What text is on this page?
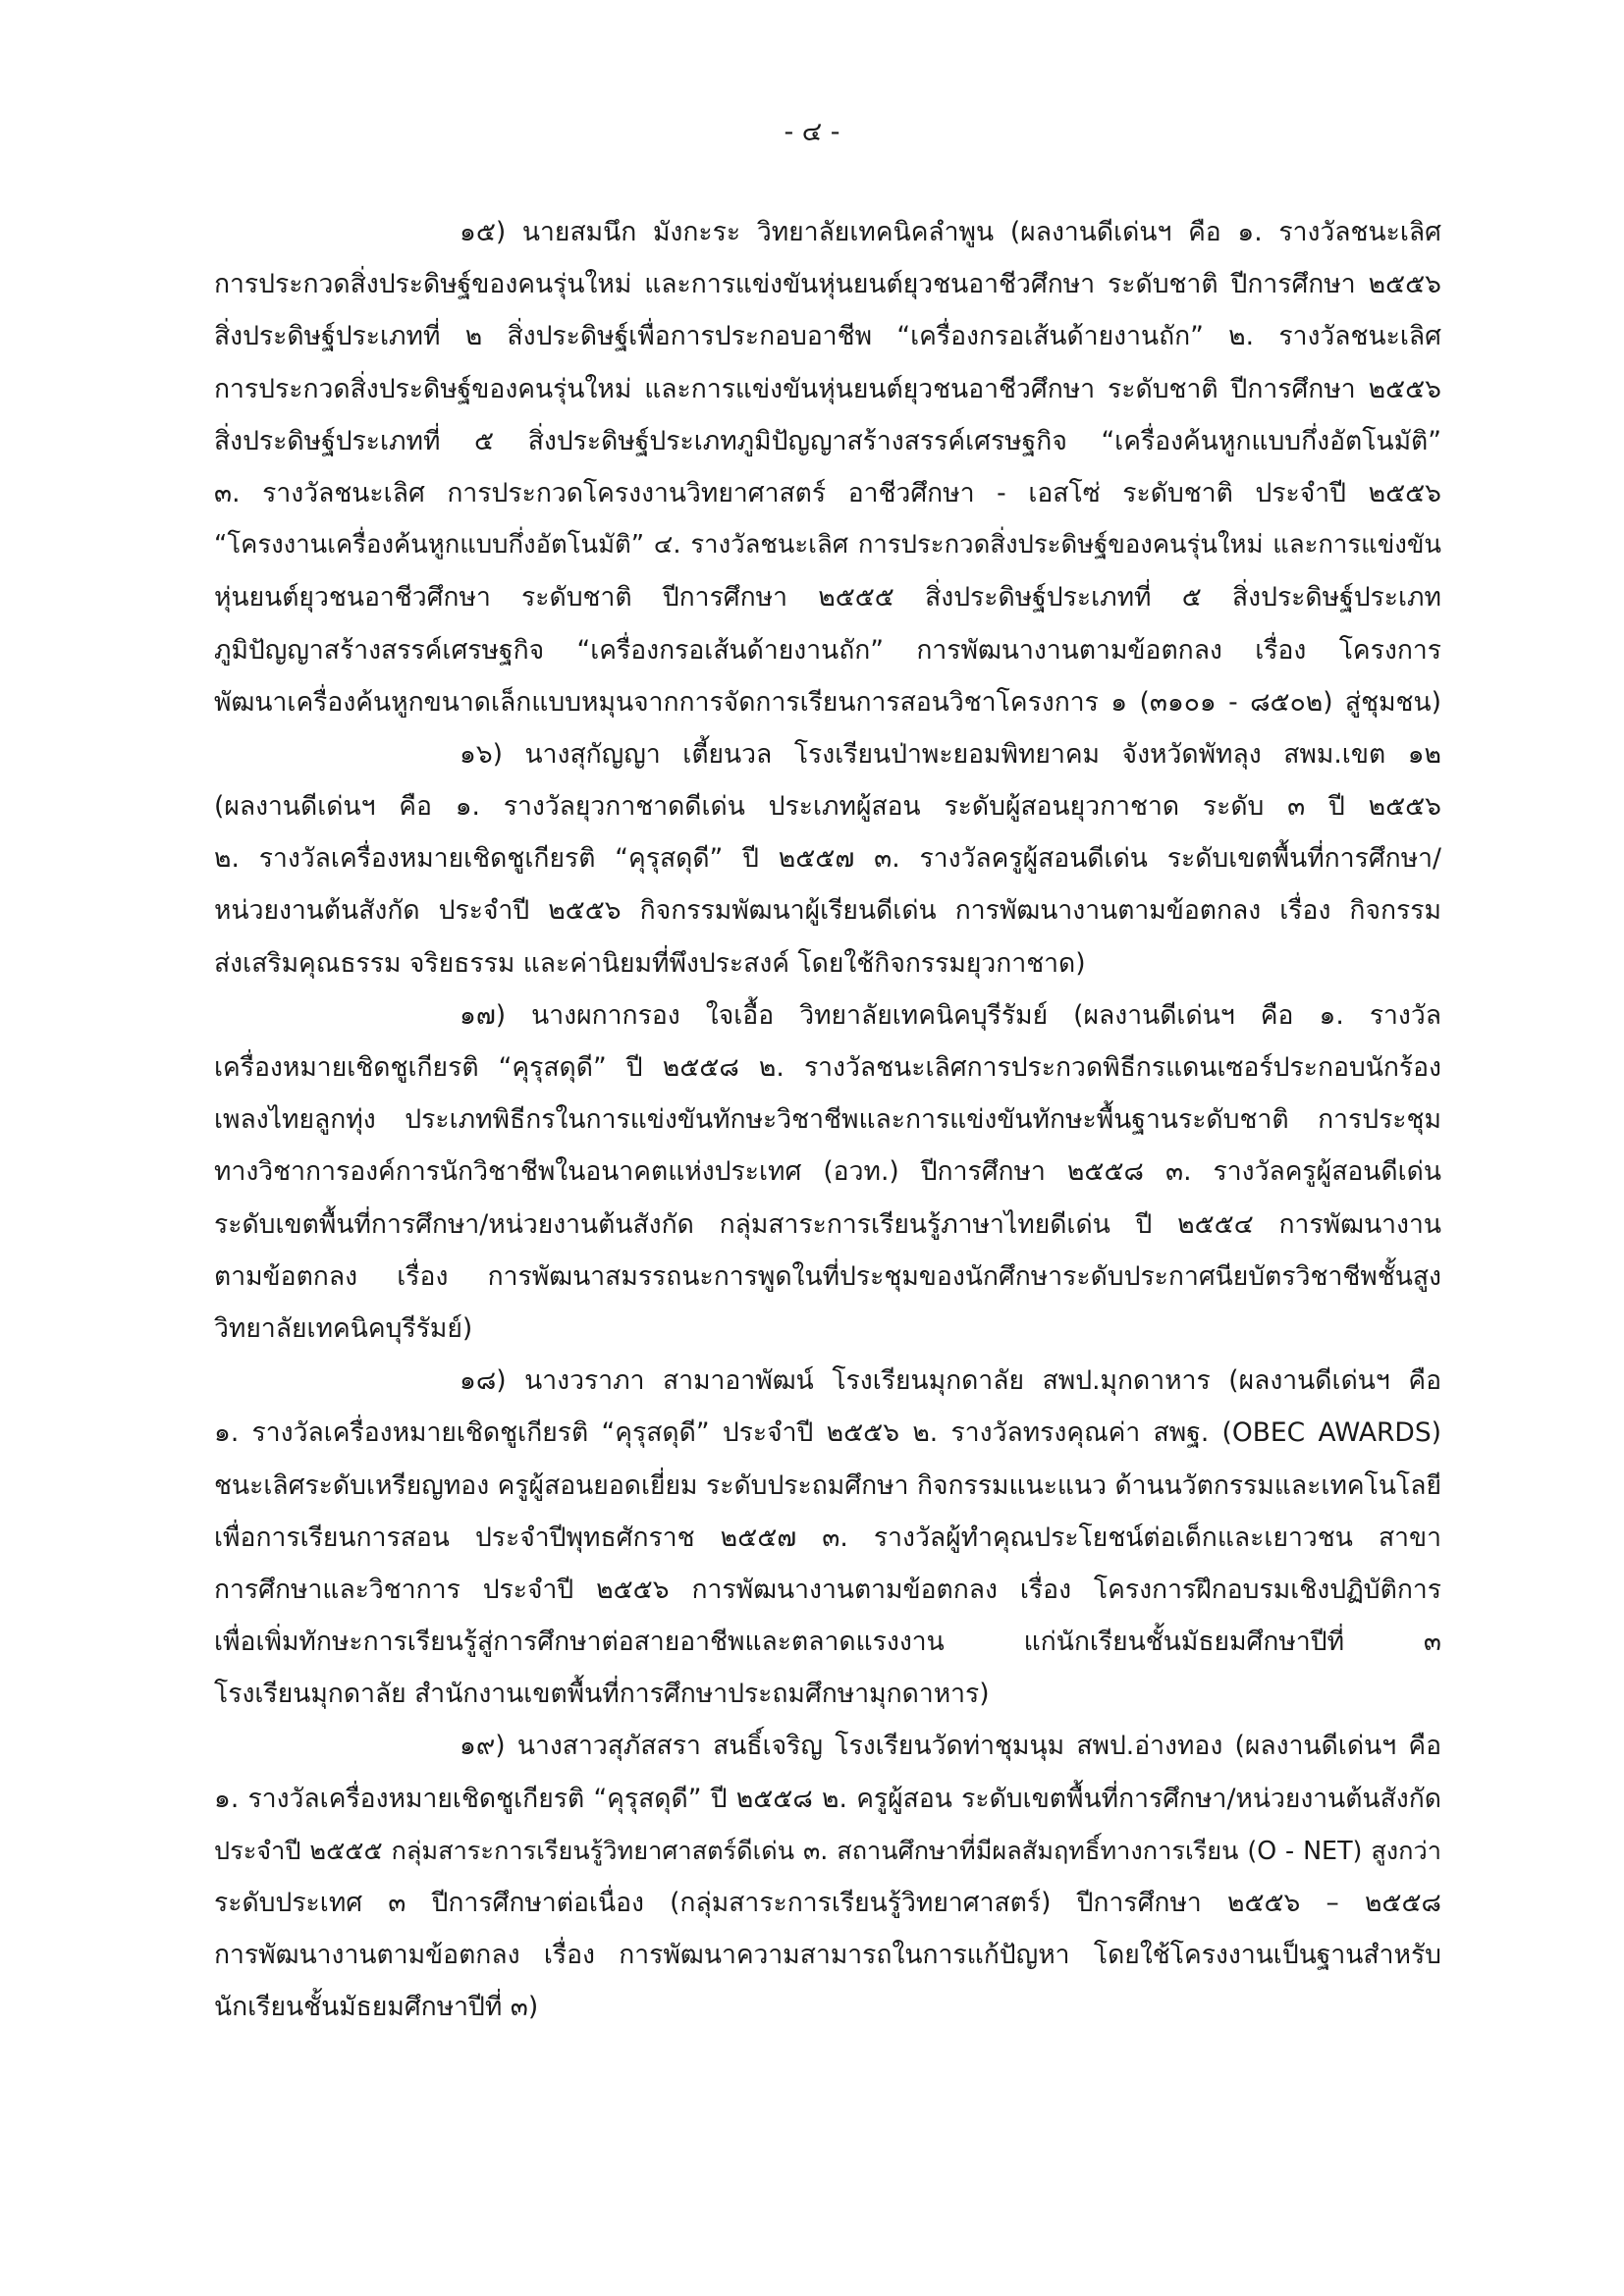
- ๔ -
๑๕) นายสมนึก มังกะระ วิทยาลัยเทคนิคลำพูน (ผลงานดีเด่นฯ คือ ๑. รางวัลชนะเลิศ
การประกวดสิ่งประดิษฐ์ของคนรุ่นใหม่ และการแข่งขันหุ่นยนต์ยุวชนอาชีวศึกษา ระดับชาติ ปีการศึกษา ๒๕๕๖
สิ่งประดิษฐ์ประเภทที่ ๒ สิ่งประดิษฐ์เพื่อการประกอบอาชีพ “เครื่องกรอเส้นด้ายงานถัก” ๒. รางวัลชนะเลิศ
การประกวดสิ่งประดิษฐ์ของคนรุ่นใหม่ และการแข่งขันหุ่นยนต์ยุวชนอาชีวศึกษา ระดับชาติ ปีการศึกษา ๒๕๕๖
สิ่งประดิษฐ์ประเภทที่ ๕ สิ่งประดิษฐ์ประเภทภูมิปัญญาสร้างสรรค์เศรษฐกิจ “เครื่องค้นหูกแบบกึ่งอัตโนมัติ”
๓. รางวัลชนะเลิศ การประกวดโครงงานวิทยาศาสตร์ อาชีวศึกษา - เอสโซ่ ระดับชาติ ประจำปี ๒๕๕๖
“โครงงานเครื่องค้นหูกแบบกึ่งอัตโนมัติ” ๔. รางวัลชนะเลิศ การประกวดสิ่งประดิษฐ์ของคนรุ่นใหม่ และการแข่งขัน
หุ่นยนต์ยุวชนอาชีวศึกษา ระดับชาติ ปีการศึกษา ๒๕๕๕ สิ่งประดิษฐ์ประเภทที่ ๕ สิ่งประดิษฐ์ประเภท
ภูมิปัญญาสร้างสรรค์เศรษฐกิจ “เครื่องกรอเส้นด้ายงานถัก” การพัฒนางานตามข้อตกลง เรื่อง โครงการ
พัฒนาเครื่องค้นหูกขนาดเล็กแบบหมุนจากการจัดการเรียนการสอนวิชาโครงการ ๑ (๓๑๐๑ - ๘๕๐๒) สู่ชุมชน)
๑๖) นางสุกัญญา เตี้ยนวล โรงเรียนป่าพะยอมพิทยาคม จังหวัดพัทลุง สพม.เขต ๑๒
(ผลงานดีเด่นฯ คือ ๑. รางวัลยุวกาชาดดีเด่น ประเภทผู้สอน ระดับผู้สอนยุวกาชาด ระดับ ๓ ปี ๒๕๕๖
๒. รางวัลเครื่องหมายเชิดชูเกียรติ “คุรุสดุดี” ปี ๒๕๕๗ ๓. รางวัลครูผู้สอนดีเด่น ระดับเขตพื้นที่การศึกษา/
หน่วยงานต้นสังกัด ประจำปี ๒๕๕๖ กิจกรรมพัฒนาผู้เรียนดีเด่น การพัฒนางานตามข้อตกลง เรื่อง กิจกรรม
ส่งเสริมคุณธรรม จริยธรรม และค่านิยมที่พึงประสงค์ โดยใช้กิจกรรมยุวกาชาด)
๑๗) นางผกากรอง ใจเอื้อ วิทยาลัยเทคนิคบุรีรัมย์ (ผลงานดีเด่นฯ คือ ๑. รางวัล
เครื่องหมายเชิดชูเกียรติ “คุรุสดุดี” ปี ๒๕๕๘ ๒. รางวัลชนะเลิศการประกวดพิธีกรแดนเซอร์ประกอบนักร้อง
เพลงไทยลูกทุ่ง ประเภทพิธีกรในการแข่งขันทักษะวิชาชีพและการแข่งขันทักษะพื้นฐานระดับชาติ การประชุม
ทางวิชาการองค์การนักวิชาชีพในอนาคตแห่งประเทศ (อวท.) ปีการศึกษา ๒๕๕๘ ๓. รางวัลครูผู้สอนดีเด่น
ระดับเขตพื้นที่การศึกษา/หน่วยงานต้นสังกัด กลุ่มสาระการเรียนรู้ภาษาไทยดีเด่น ปี ๒๕๕๔ การพัฒนางาน
ตามข้อตกลง เรื่อง การพัฒนาสมรรถนะการพูดในที่ประชุมของนักศึกษาระดับประกาศนียบัตรวิชาชีพชั้นสูง
วิทยาลัยเทคนิคบุรีรัมย์)
๑๘) นางวราภา สามาอาพัฒน์ โรงเรียนมุกดาลัย สพป.มุกดาหาร (ผลงานดีเด่นฯ คือ
๑. รางวัลเครื่องหมายเชิดชูเกียรติ “คุรุสดุดี” ประจำปี ๒๕๕๖ ๒. รางวัลทรงคุณค่า สพฐ. (OBEC AWARDS)
ชนะเลิศระดับเหรียญทอง ครูผู้สอนยอดเยี่ยม ระดับประถมศึกษา กิจกรรมแนะแนว ด้านนวัตกรรมและเทคโนโลยี
เพื่อการเรียนการสอน ประจำปีพุทธศักราช ๒๕๕๗ ๓. รางวัลผู้ทำคุณประโยชน์ต่อเด็กและเยาวชน สาขา
การศึกษาและวิชาการ ประจำปี ๒๕๕๖ การพัฒนางานตามข้อตกลง เรื่อง โครงการฝึกอบรมเชิงปฏิบัติการ
เพื่อเพิ่มทักษะการเรียนรู้สู่การศึกษาต่อสายอาชีพและตลาดแรงงาน แก่นักเรียนชั้นมัธยมศึกษาปีที่ ๓
โรงเรียนมุกดาลัย สำนักงานเขตพื้นที่การศึกษาประถมศึกษามุกดาหาร)
๑๙) นางสาวสุภัสสรา สนธิ์เจริญ โรงเรียนวัดท่าชุมนุม สพป.อ่างทอง (ผลงานดีเด่นฯ คือ
๑. รางวัลเครื่องหมายเชิดชูเกียรติ “คุรุสดุดี” ปี ๒๕๕๘ ๒. ครูผู้สอน ระดับเขตพื้นที่การศึกษา/หน่วยงานต้นสังกัด
ประจำปี ๒๕๕๕ กลุ่มสาระการเรียนรู้วิทยาศาสตร์ดีเด่น ๓. สถานศึกษาที่มีผลสัมฤทธิ์ทางการเรียน (O - NET) สูงกว่า
ระดับประเทศ ๓ ปีการศึกษาต่อเนื่อง (กลุ่มสาระการเรียนรู้วิทยาศาสตร์) ปีการศึกษา ๒๕๕๖ – ๒๕๕๘
การพัฒนางานตามข้อตกลง เรื่อง การพัฒนาความสามารถในการแก้ปัญหา โดยใช้โครงงานเป็นฐานสำหรับ
นักเรียนชั้นมัธยมศึกษาปีที่ ๓)
